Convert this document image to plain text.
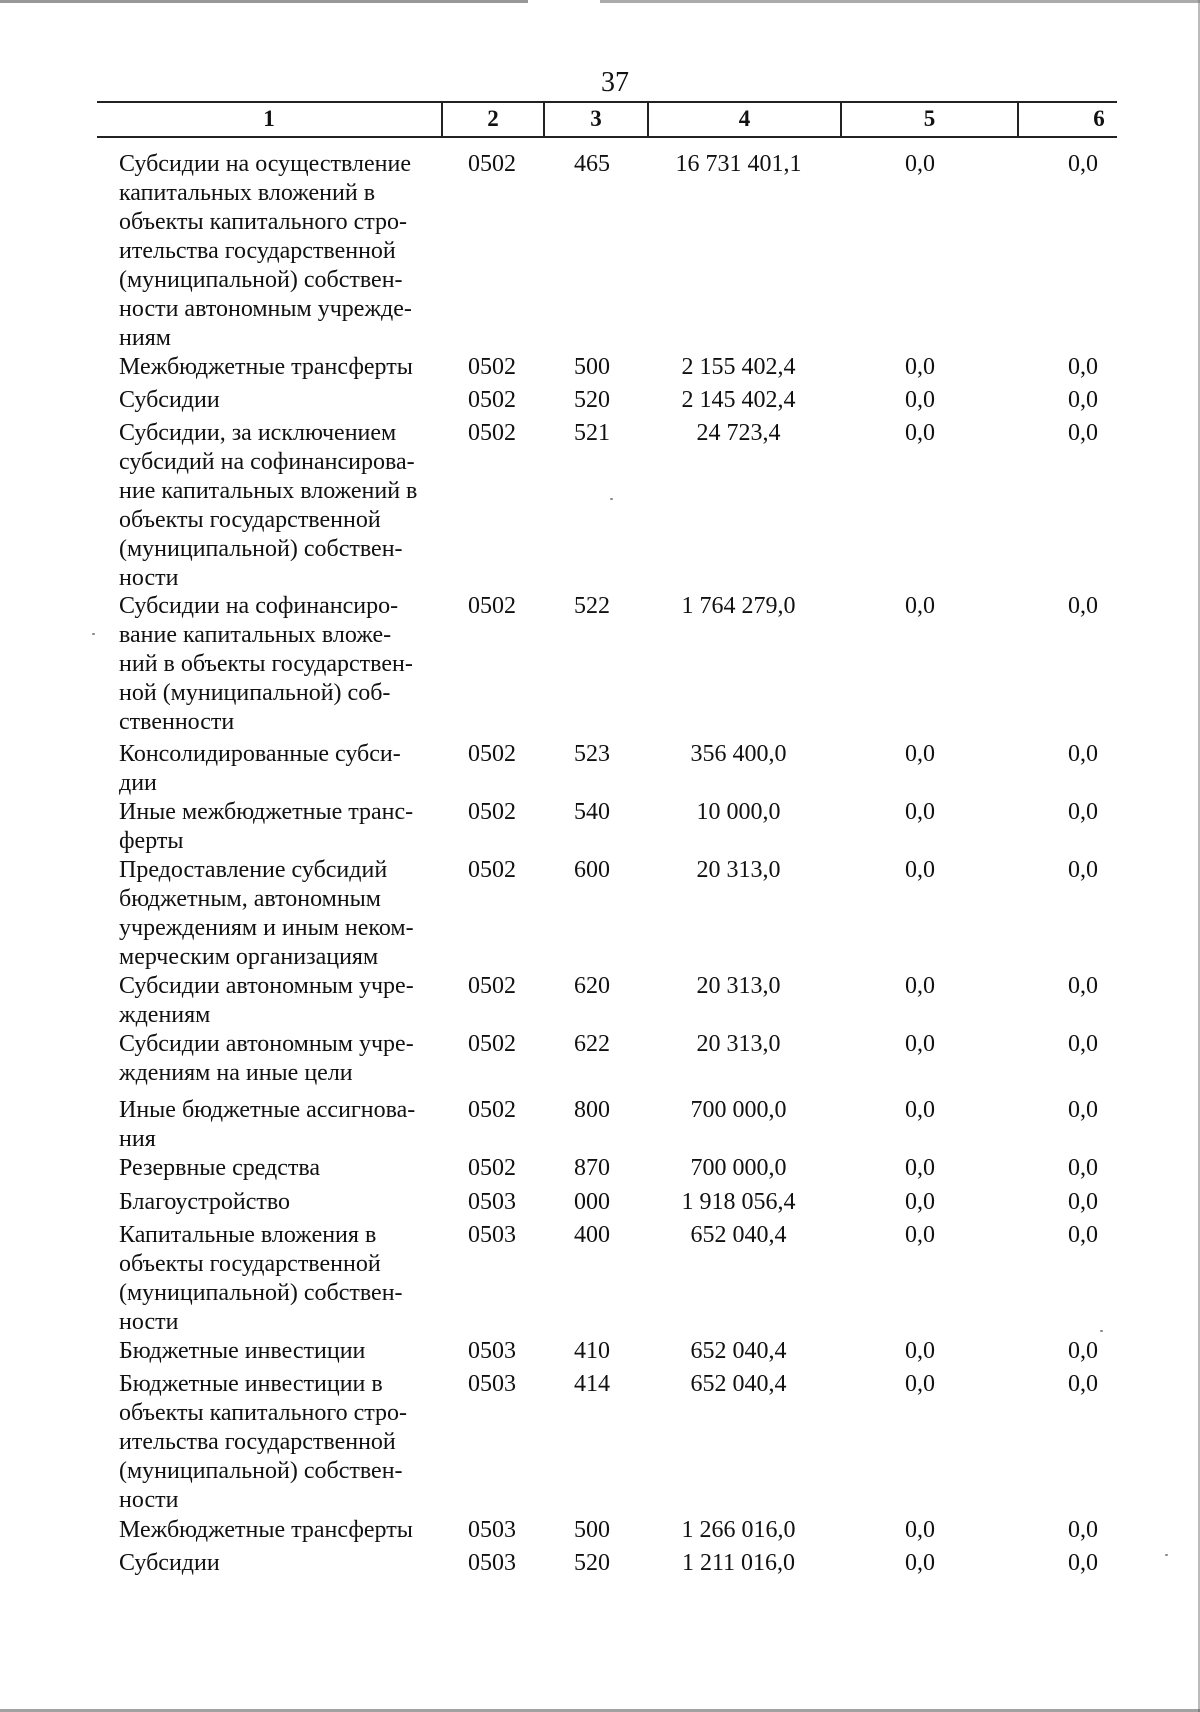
37
1	2	3	4	5	6
Субсидии на осуществление
капитальных вложений в
объекты капитального стро-
ительства государственной
(муниципальной) собствен-
ности автономным учрежде-
ниям
0502	465	16 731 401,1	0,0	0,0
Межбюджетные трансферты	0502	500	2 155 402,4	0,0	0,0
Субсидии	0502	520	2 145 402,4	0,0	0,0
Субсидии, за исключением
субсидий на софинансирова-
ние капитальных вложений в
объекты государственной
(муниципальной) собствен-
ности
0502	521	24 723,4	0,0	0,0
Субсидии на софинансиро-
вание капитальных вложе-
ний в объекты государствен-
ной (муниципальной) соб-
ственности
0502	522	1 764 279,0	0,0	0,0
Консолидированные субси-
дии
0502	523	356 400,0	0,0	0,0
Иные межбюджетные транс-
ферты
0502	540	10 000,0	0,0	0,0
Предоставление субсидий
бюджетным, автономным
учреждениям и иным неком-
мерческим организациям
0502	600	20 313,0	0,0	0,0
Субсидии автономным учре-
ждениям
0502	620	20 313,0	0,0	0,0
Субсидии автономным учре-
ждениям на иные цели
0502	622	20 313,0	0,0	0,0
Иные бюджетные ассигнова-
ния
0502	800	700 000,0	0,0	0,0
Резервные средства	0502	870	700 000,0	0,0	0,0
Благоустройство	0503	000	1 918 056,4	0,0	0,0
Капитальные вложения в
объекты государственной
(муниципальной) собствен-
ности
0503	400	652 040,4	0,0	0,0
Бюджетные инвестиции	0503	410	652 040,4	0,0	0,0
Бюджетные инвестиции в
объекты капитального стро-
ительства государственной
(муниципальной) собствен-
ности
0503	414	652 040,4	0,0	0,0
Межбюджетные трансферты	0503	500	1 266 016,0	0,0	0,0
Субсидии	0503	520	1 211 016,0	0,0	0,0
